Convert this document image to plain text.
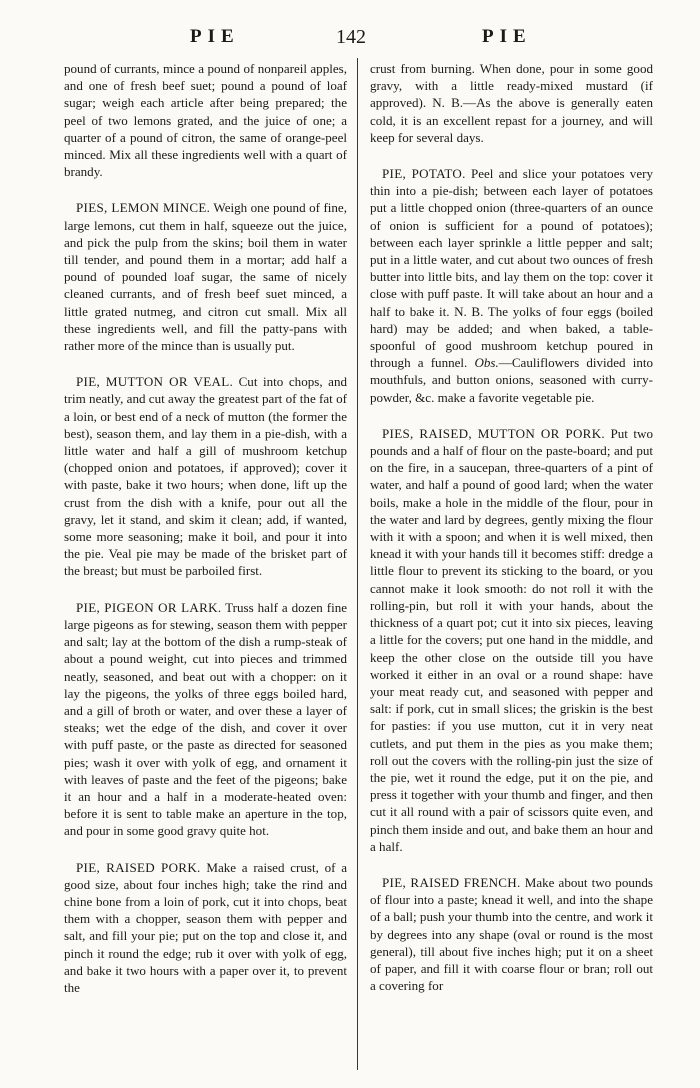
PIE	142	PIE

pound of currants, mince a pound of nonpareil apples, and one of fresh beef suet; pound a pound of loaf sugar; weigh each article after being prepared; the peel of two lemons grated, and the juice of one; a quarter of a pound of citron, the same of orange-peel minced. Mix all these ingredients well with a quart of brandy.

PIES, LEMON MINCE. Weigh one pound of fine, large lemons, cut them in half, squeeze out the juice, and pick the pulp from the skins; boil them in water till tender, and pound them in a mortar; add half a pound of pounded loaf sugar, the same of nicely cleaned currants, and of fresh beef suet minced, a little grated nutmeg, and citron cut small. Mix all these ingredients well, and fill the patty-pans with rather more of the mince than is usually put.

PIE, MUTTON OR VEAL. Cut into chops, and trim neatly, and cut away the greatest part of the fat of a loin, or best end of a neck of mutton (the former the best), season them, and lay them in a pie-dish, with a little water and half a gill of mushroom ketchup (chopped onion and potatoes, if approved); cover it with paste, bake it two hours; when done, lift up the crust from the dish with a knife, pour out all the gravy, let it stand, and skim it clean; add, if wanted, some more seasoning; make it boil, and pour it into the pie. Veal pie may be made of the brisket part of the breast; but must be parboiled first.

PIE, PIGEON OR LARK. Truss half a dozen fine large pigeons as for stewing, season them with pepper and salt; lay at the bottom of the dish a rump-steak of about a pound weight, cut into pieces and trimmed neatly, seasoned, and beat out with a chopper: on it lay the pigeons, the yolks of three eggs boiled hard, and a gill of broth or water, and over these a layer of steaks; wet the edge of the dish, and cover it over with puff paste, or the paste as directed for seasoned pies; wash it over with yolk of egg, and ornament it with leaves of paste and the feet of the pigeons; bake it an hour and a half in a moderate-heated oven: before it is sent to table make an aperture in the top, and pour in some good gravy quite hot.

PIE, RAISED PORK. Make a raised crust, of a good size, about four inches high; take the rind and chine bone from a loin of pork, cut it into chops, beat them with a chopper, season them with pepper and salt, and fill your pie; put on the top and close it, and pinch it round the edge; rub it over with yolk of egg, and bake it two hours with a paper over it, to prevent the

crust from burning. When done, pour in some good gravy, with a little ready-mixed mustard (if approved). N. B.—As the above is generally eaten cold, it is an excellent repast for a journey, and will keep for several days.

PIE, POTATO. Peel and slice your potatoes very thin into a pie-dish; between each layer of potatoes put a little chopped onion (three-quarters of an ounce of onion is sufficient for a pound of potatoes); between each layer sprinkle a little pepper and salt; put in a little water, and cut about two ounces of fresh butter into little bits, and lay them on the top: cover it close with puff paste. It will take about an hour and a half to bake it. N. B. The yolks of four eggs (boiled hard) may be added; and when baked, a table-spoonful of good mushroom ketchup poured in through a funnel. Obs.—Cauliflowers divided into mouthfuls, and button onions, seasoned with curry-powder, &c. make a favorite vegetable pie.

PIES, RAISED, MUTTON OR PORK. Put two pounds and a half of flour on the paste-board; and put on the fire, in a saucepan, three-quarters of a pint of water, and half a pound of good lard; when the water boils, make a hole in the middle of the flour, pour in the water and lard by degrees, gently mixing the flour with it with a spoon; and when it is well mixed, then knead it with your hands till it becomes stiff: dredge a little flour to prevent its sticking to the board, or you cannot make it look smooth: do not roll it with the rolling-pin, but roll it with your hands, about the thickness of a quart pot; cut it into six pieces, leaving a little for the covers; put one hand in the middle, and keep the other close on the outside till you have worked it either in an oval or a round shape: have your meat ready cut, and seasoned with pepper and salt: if pork, cut in small slices; the griskin is the best for pasties: if you use mutton, cut it in very neat cutlets, and put them in the pies as you make them; roll out the covers with the rolling-pin just the size of the pie, wet it round the edge, put it on the pie, and press it together with your thumb and finger, and then cut it all round with a pair of scissors quite even, and pinch them inside and out, and bake them an hour and a half.

PIE, RAISED FRENCH. Make about two pounds of flour into a paste; knead it well, and into the shape of a ball; push your thumb into the centre, and work it by degrees into any shape (oval or round is the most general), till about five inches high; put it on a sheet of paper, and fill it with coarse flour or bran; roll out a covering for
